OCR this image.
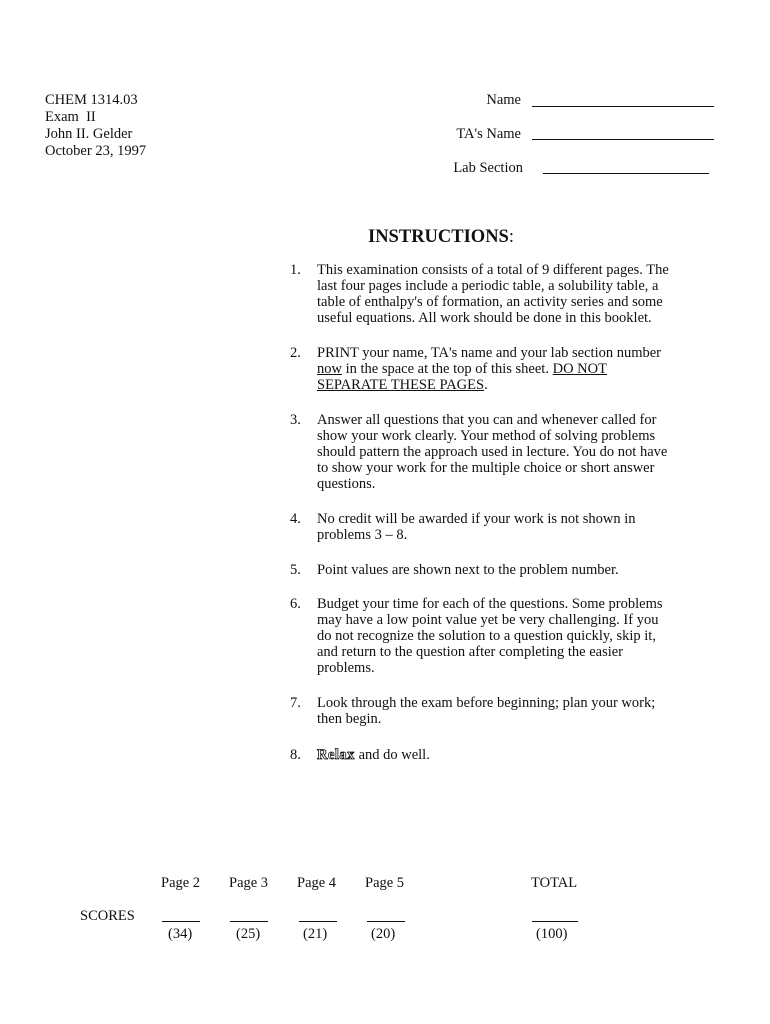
CHEM 1314.03
Exam  II
John II. Gelder
October 23, 1997
Name
TA's Name
Lab Section
INSTRUCTIONS:
1. This examination consists of a total of 9 different pages. The last four pages include a periodic table, a solubility table, a table of enthalpy's of formation, an activity series and some useful equations. All work should be done in this booklet.
2. PRINT your name, TA's name and your lab section number now in the space at the top of this sheet. DO NOT SEPARATE THESE PAGES.
3. Answer all questions that you can and whenever called for show your work clearly. Your method of solving problems should pattern the approach used in lecture. You do not have to show your work for the multiple choice or short answer questions.
4. No credit will be awarded if your work is not shown in problems 3 – 8.
5. Point values are shown next to the problem number.
6. Budget your time for each of the questions. Some problems may have a low point value yet be very challenging. If you do not recognize the solution to a question quickly, skip it, and return to the question after completing the easier problems.
7. Look through the exam before beginning; plan your work; then begin.
8. Relax and do well.
Page 2 Page 3 Page 4 Page 5	TOTAL
SCORES
(34)	(25)	(21)	(20)	(100)
